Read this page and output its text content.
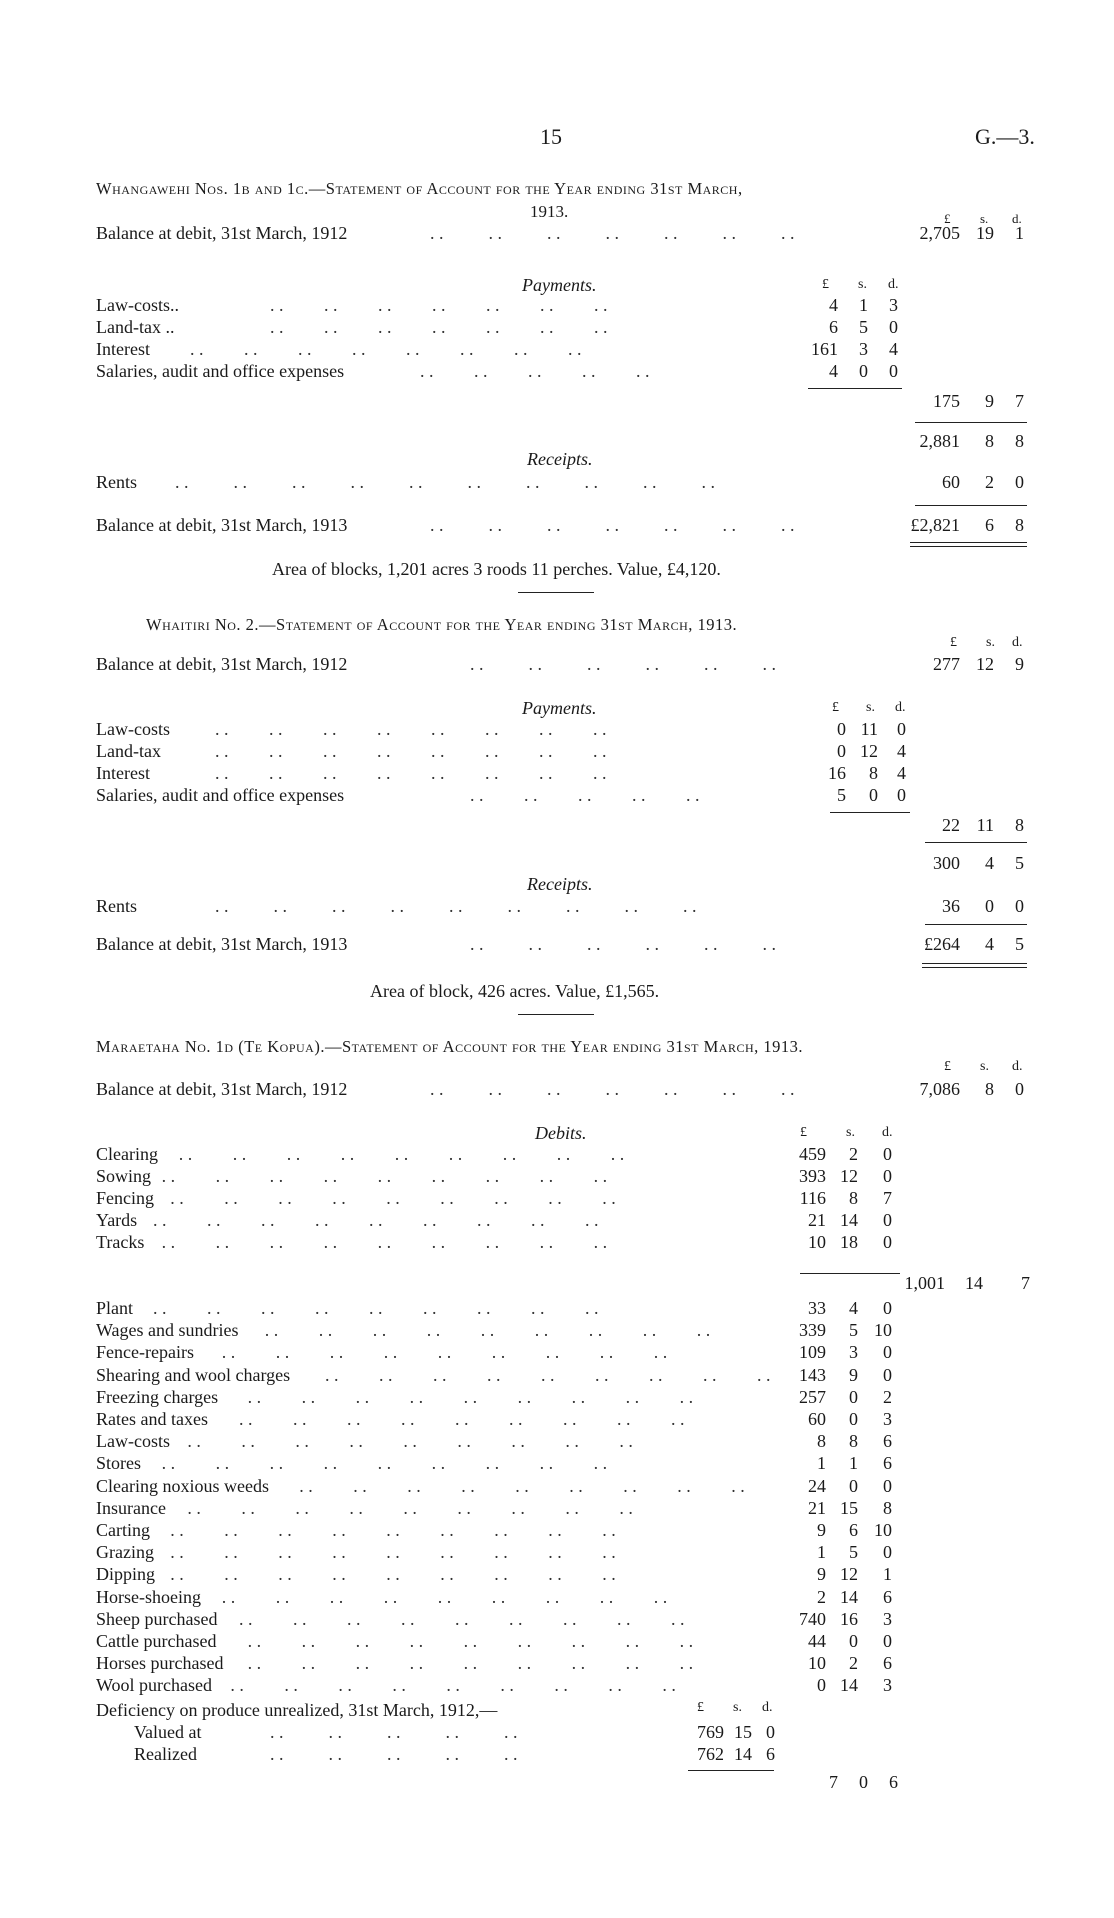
15	G.—3.
Whangawehi Nos. 1b and 1c.—Statement of Account for the Year ending 31st March,
1913.	£ s. d.
Balance at debit, 31st March, 1912	. .          . .          . .          . .          . .          . .          . .	2,705 19	1
Payments.	£ s. d.
Law-costs..	. .         . .         . .         . .         . .         . .         . .	4	1	3
Land-tax ..	. .         . .         . .         . .         . .         . .         . .	6	5	0
Interest . .         . .         . .         . .         . .         . .         . .         . .	161	3	4
Salaries, audit and office expenses	. .         . .         . .         . .         . .	4	0	0
175	9	7
2,881	8	8
Receipts.
Rents . .          . .          . .          . .          . .          . .          . .          . .          . .          . .	60	2	0
Balance at debit, 31st March, 1913	. .          . .          . .          . .          . .          . .          . .	£2,821	6	8
Area of blocks, 1,201 acres 3 roods 11 perches. Value, £4,120.
Whaitiri No. 2.—Statement of Account for the Year ending 31st March, 1913.
£ s. d.
Balance at debit, 31st March, 1912	. .          . .          . .          . .          . .          . .	277 12	9
Payments.	£ s. d.
Law-costs	. .         . .         . .         . .         . .         . .         . .         . .	0 11	0
Land-tax	. .         . .         . .         . .         . .         . .         . .         . .	0 12	4
Interest	. .         . .         . .         . .         . .         . .         . .         . .	16	8	4
Salaries, audit and office expenses	. .         . .         . .         . .         . .	5	0	0
22 11	8
300	4	5
Receipts.
Rents	. .          . .          . .          . .          . .          . .          . .          . .          . .	36	0	0
Balance at debit, 31st March, 1913	. .          . .          . .          . .          . .          . .	£264	4	5
Area of block, 426 acres. Value, £1,565.
Maraetaha No. 1d (Te Kopua).—Statement of Account for the Year ending 31st March, 1913.
£ s. d.
Balance at debit, 31st March, 1912	. .          . .          . .          . .          . .          . .          . .	7,086	8	0
Debits.	£	s. d.
Clearing . .         . .         . .         . .         . .         . .         . .         . .         . .	459	2	0
Sowing . .         . .         . .         . .         . .         . .         . .         . .         . .	393 12	0
Fencing . .         . .         . .         . .         . .         . .         . .         . .         . .	116	8	7
Yards . .         . .         . .         . .         . .         . .         . .         . .         . .	21 14	0
Tracks . .         . .         . .         . .         . .         . .         . .         . .         . .	10 18	0
1,001	14	7
Plant . .         . .         . .         . .         . .         . .         . .         . .         . .	33	4	0
Wages and sundries . .         . .         . .         . .         . .         . .         . .         . .         . .	339	5 10
Fence-repairs . .         . .         . .         . .         . .         . .         . .         . .         . .	109	3	0
Shearing and wool charges . .         . .         . .         . .         . .         . .         . .         . .         . .	143	9	0
Freezing charges . .         . .         . .         . .         . .         . .         . .         . .         . .	257	0	2
Rates and taxes . .         . .         . .         . .         . .         . .         . .         . .         . .	60	0	3
Law-costs . .         . .         . .         . .         . .         . .         . .         . .         . .	8	8	6
Stores . .         . .         . .         . .         . .         . .         . .         . .         . .	1	1	6
Clearing noxious weeds . .         . .         . .         . .         . .         . .         . .         . .         . .	24	0	0
Insurance . .         . .         . .         . .         . .         . .         . .         . .         . .	21 15	8
Carting . .         . .         . .         . .         . .         . .         . .         . .         . .	9	6 10
Grazing . .         . .         . .         . .         . .         . .         . .         . .         . .	1	5	0
Dipping . .         . .         . .         . .         . .         . .         . .         . .         . .	9 12	1
Horse-shoeing . .         . .         . .         . .         . .         . .         . .         . .         . .	2 14	6
Sheep purchased . .         . .         . .         . .         . .         . .         . .         . .         . .	740 16	3
Cattle purchased . .         . .         . .         . .         . .         . .         . .         . .         . .	44	0	0
Horses purchased . .         . .         . .         . .         . .         . .         . .         . .         . .	10	2	6
Wool purchased . .         . .         . .         . .         . .         . .         . .         . .         . .	0 14	3
Deficiency on produce unrealized, 31st March, 1912,—	£ s. d.
Valued at	. .          . .          . .          . .          . .	769 15 0
Realized	. .          . .          . .          . .          . .	762 14 6
7	0	6
